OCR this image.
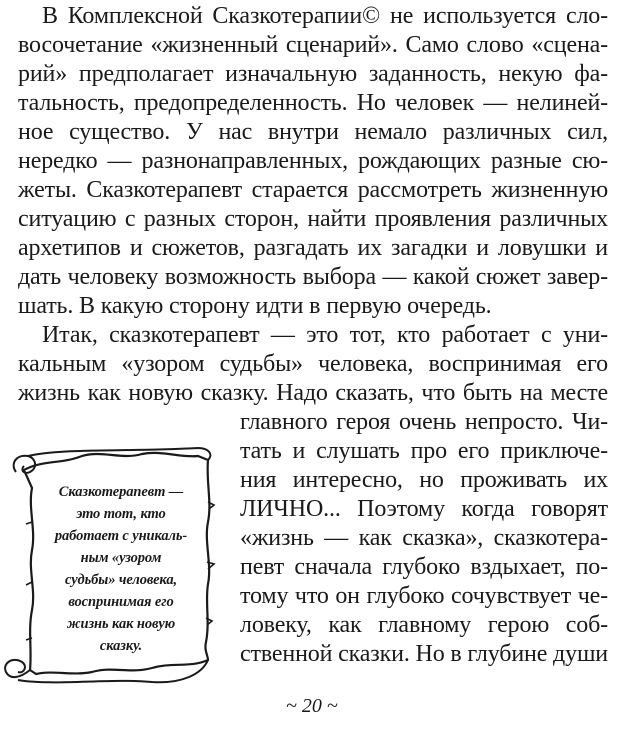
В Комплексной Сказкотерапии© не используется сло-
восочетание «жизненный сценарий». Само слово «сцена-
рий» предполагает изначальную заданность, некую фа-
тальность, предопределенность. Но человек — нелиней-
ное существо. У нас внутри немало различных сил,
нередко — разнонаправленных, рождающих разные сю-
жеты. Сказкотерапевт старается рассмотреть жизненную
ситуацию с разных сторон, найти проявления различных
архетипов и сюжетов, разгадать их загадки и ловушки и
дать человеку возможность выбора — какой сюжет завер-
шать. В какую сторону идти в первую очередь.
Итак, сказкотерапевт — это тот, кто работает с уни-
кальным «узором судьбы» человека, воспринимая его
жизнь как новую сказку. Надо сказать, что быть на месте
главного героя очень непросто. Чи-
тать и слушать про его приключе-
ния интересно, но проживать их
ЛИЧНО... Поэтому когда говорят
«жизнь — как сказка», сказкотера-
певт сначала глубоко вздыхает, по-
тому что он глубоко сочувствует че-
ловеку, как главному герою соб-
ственной сказки. Но в глубине души
Сказкотерапевт —
это тот, кто
работает с уникаль-
ным «узором
судьбы» человека,
воспринимая его
жизнь как новую
сказку.
~ 20 ~
